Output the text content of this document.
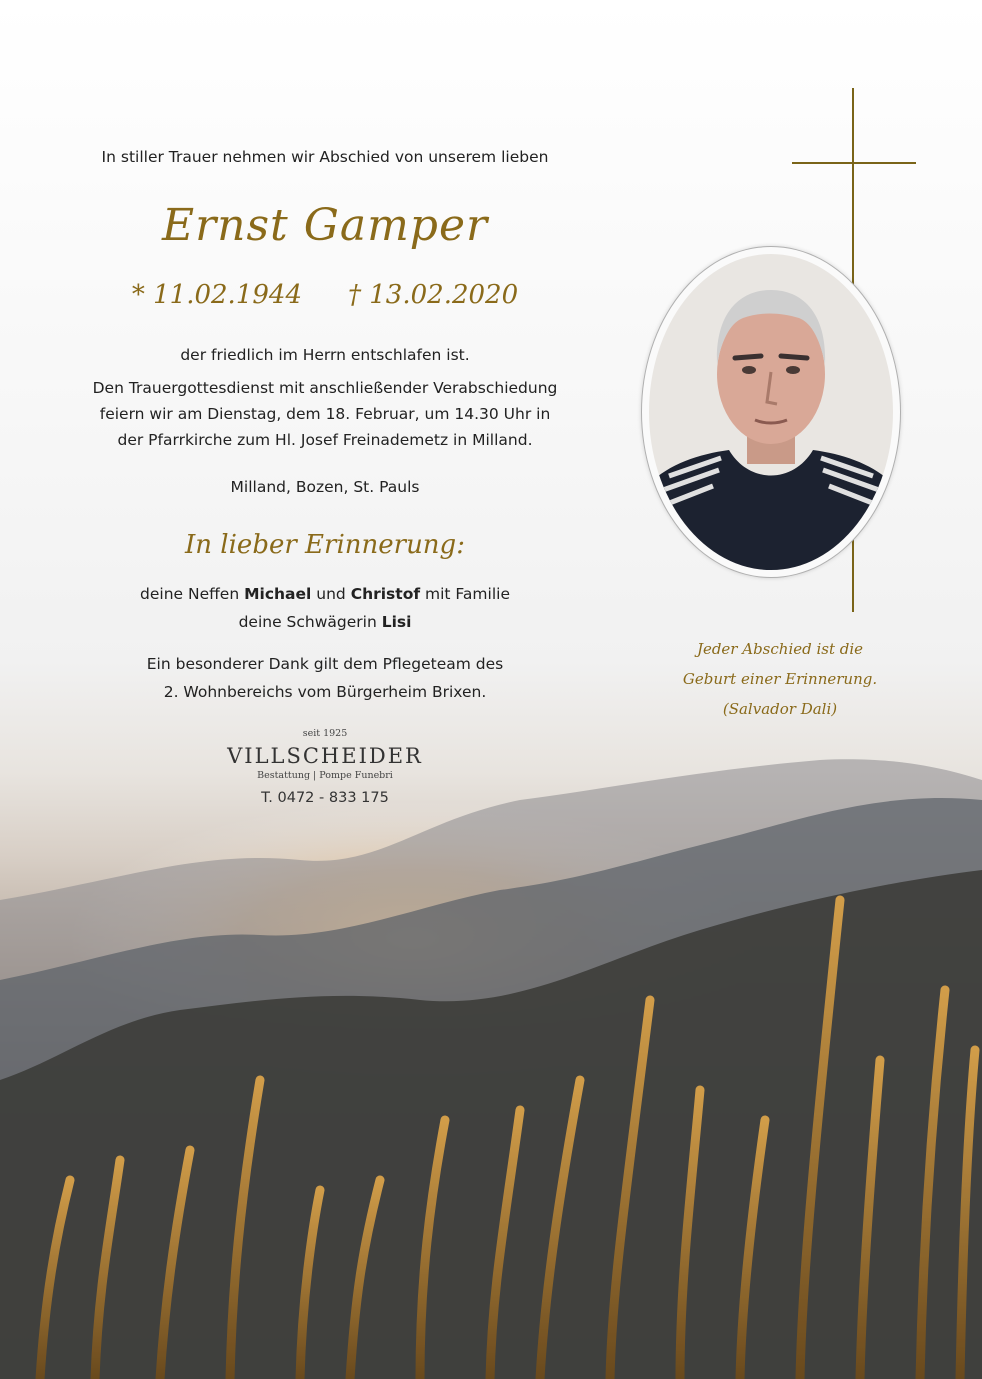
In stiller Trauer nehmen wir Abschied von unserem lieben
Ernst Gamper
* 11.02.1944 † 13.02.2020
der friedlich im Herrn entschlafen ist.
Den Trauergottesdienst mit anschließender Verabschiedung
feiern wir am Dienstag, dem 18. Februar, um 14.30 Uhr in
der Pfarrkirche zum Hl. Josef Freinademetz in Milland.
Milland, Bozen, St. Pauls
In lieber Erinnerung:
deine Neffen Michael und Christof mit Familie
deine Schwägerin Lisi
Ein besonderer Dank gilt dem Pflegeteam des
2. Wohnbereichs vom Bürgerheim Brixen.
seit 1925
VILLSCHEIDER
Bestattung | Pompe Funebri
T. 0472 - 833 175
Jeder Abschied ist die
Geburt einer Erinnerung.
(Salvador Dali)
